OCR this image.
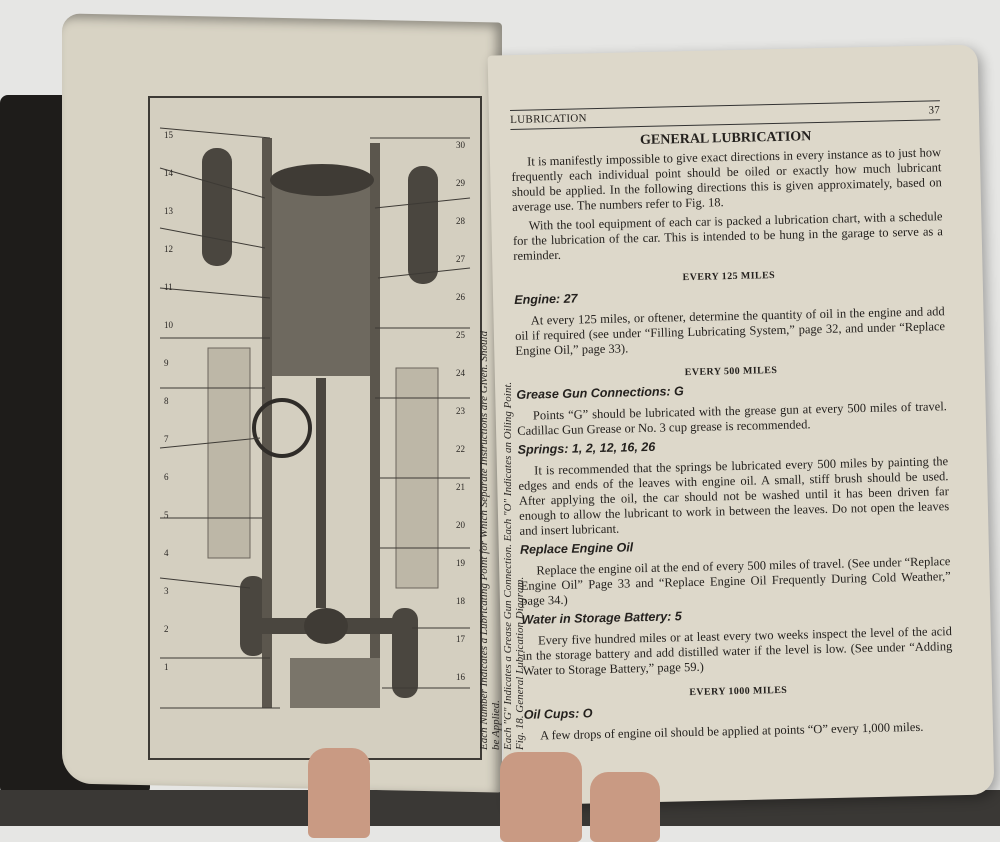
15
14
13
12
11
10
9
8
7
6
5
4
3
2
1
30
29
28
27
26
25
24
23
22
21
20
19
18
17
16 Each Number Indicates a Lubricating Point for Which Separate Instructions are Given. Should be Applied. Each "G" Indicates a Grease Gun Connection. Each "O" Indicates an Oiling Point. Fig. 18. General Lubrication Diagram.
LUBRICATION
37
GENERAL LUBRICATION

It is manifestly impossible to give exact directions in every instance as to just how frequently each individual point should be oiled or exactly how much lubricant should be applied. In the following directions this is given approximately, based on average use. The numbers refer to Fig. 18.

With the tool equipment of each car is packed a lubrication chart, with a schedule for the lubrication of the car. This is intended to be hung in the garage to serve as a reminder.

EVERY 125 MILES
Engine: 27

At every 125 miles, or oftener, determine the quantity of oil in the engine and add oil if required (see under “Filling Lubricating System,” page 32, and under “Replace Engine Oil,” page 33).

EVERY 500 MILES
Grease Gun Connections: G

Points “G” should be lubricated with the grease gun at every 500 miles of travel. Cadillac Gun Grease or No. 3 cup grease is recommended.

Springs: 1, 2, 12, 16, 26

It is recommended that the springs be lubricated every 500 miles by painting the edges and ends of the leaves with engine oil. A small, stiff brush should be used. After applying the oil, the car should not be washed until it has been driven far enough to allow the lubricant to work in between the leaves. Do not open the leaves and insert lubricant.

Replace Engine Oil

Replace the engine oil at the end of every 500 miles of travel. (See under “Replace Engine Oil” Page 33 and “Replace Engine Oil Frequently During Cold Weather,” page 34.)

Water in Storage Battery: 5

Every five hundred miles or at least every two weeks inspect the level of the acid in the storage battery and add distilled water if the level is low. (See under “Adding Water to Storage Battery,” page 59.)

EVERY 1000 MILES
Oil Cups: O

A few drops of engine oil should be applied at points “O” every 1,000 miles.
